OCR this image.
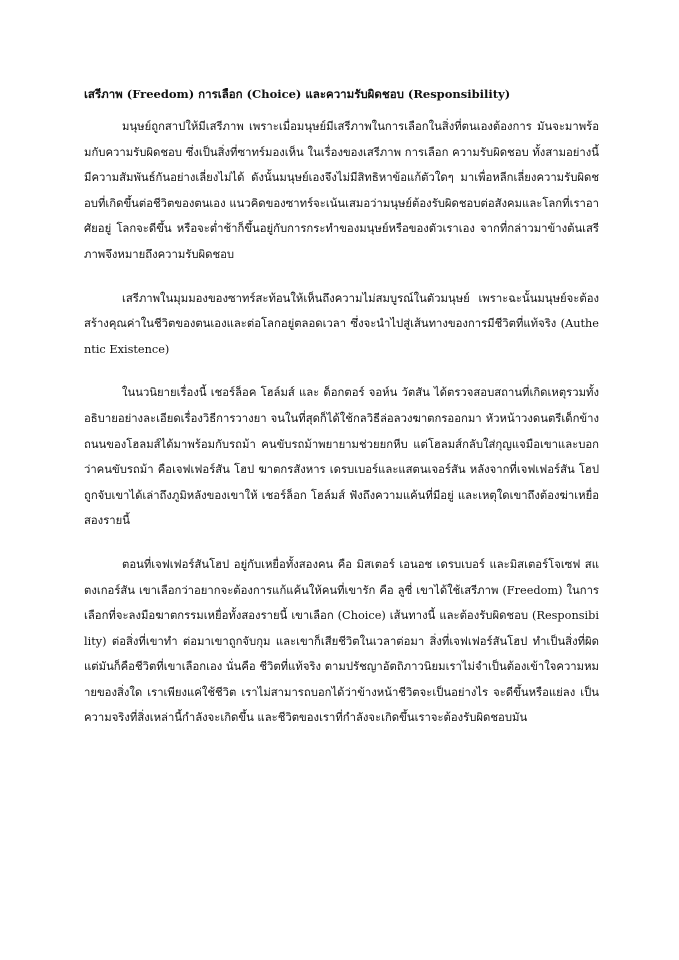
เสรีภาพ (Freedom) การเลือก (Choice) และความรับผิดชอบ (Responsibility)

มนุษย์ถูกสาปให้มีเสรีภาพ เพราะเมื่อมนุษย์มีเสรีภาพในการเลือกในสิ่งที่ตนเองต้องการ มันจะมาพร้อมกับความรับผิดชอบ ซึ่งเป็นสิ่งที่ซาทร์มองเห็น ในเรื่องของเสรีภาพ การเลือก ความรับผิดชอบ ทั้งสามอย่างนี้มีความสัมพันธ์กันอย่างเลี่ยงไม่ได้ ดังนั้นมนุษย์เองจึงไม่มีสิทธิหาข้อแก้ตัวใดๆ มาเพื่อหลีกเลี่ยงความรับผิดชอบที่เกิดขึ้นต่อชีวิตของตนเอง แนวคิดของซาทร์จะเน้นเสมอว่ามนุษย์ต้องรับผิดชอบต่อสังคมและโลกที่เราอาศัยอยู่ โลกจะดีขึ้น หรือจะต่ำช้าก็ขึ้นอยู่กับการกระทำของมนุษย์หรือของตัวเราเอง จากที่กล่าวมาข้างต้นเสรีภาพจึงหมายถึงความรับผิดชอบ

เสรีภาพในมุมมองของซาทร์สะท้อนให้เห็นถึงความไม่สมบูรณ์ในตัวมนุษย์ เพราะฉะนั้นมนุษย์จะต้องสร้างคุณค่าในชีวิตของตนเองและต่อโลกอยู่ตลอดเวลา ซึ่งจะนำไปสู่เส้นทางของการมีชีวิตที่แท้จริง (Authentic Existence)

ในนวนิยายเรื่องนี้ เชอร์ล็อค โฮล์มส์ และ ด็อกตอร์ จอห์น วัตสัน ได้ตรวจสอบสถานที่เกิดเหตุรวมทั้งอธิบายอย่างละเอียดเรื่องวิธีการวางยา จนในที่สุดก็ได้ใช้กลวิธีล่อลวงฆาตกรออกมา หัวหน้าวงดนตรีเด็กข้างถนนของโฮลมส์ได้มาพร้อมกับรถม้า คนขับรถม้าพยายามช่วยยกหีบ แต่โฮลมส์กลับใส่กุญแจมือเขาและบอกว่าคนขับรถม้า คือเจฟเฟอร์สัน โฮป ฆาตกรสังหาร เดรบเบอร์และแสตนเจอร์สัน หลังจากที่เจฟเฟอร์สัน โฮป ถูกจับเขาได้เล่าถึงภูมิหลังของเขาให้ เชอร์ล็อก โฮล์มส์ ฟังถึงความแค้นที่มีอยู่ และเหตุใดเขาถึงต้องฆ่าเหยื่อสองรายนี้

ตอนที่เจฟเฟอร์สันโฮป อยู่กับเหยื่อทั้งสองคน คือ มิสเตอร์ เอนอช เดรบเบอร์ และมิสเตอร์โจเซฟ สแตงเกอร์สัน เขาเลือกว่าอยากจะต้องการแก้แค้นให้คนที่เขารัก คือ ลูซี่ เขาได้ใช้เสรีภาพ (Freedom) ในการเลือกที่จะลงมือฆาตกรรมเหยื่อทั้งสองรายนี้ เขาเลือก (Choice) เส้นทางนี้ และต้องรับผิดชอบ (Responsibility) ต่อสิ่งที่เขาทำ ต่อมาเขาถูกจับกุม และเขาก็เสียชีวิตในเวลาต่อมา สิ่งที่เจฟเฟอร์สันโฮป ทำเป็นสิ่งที่ผิด แต่มันก็คือชีวิตที่เขาเลือกเอง นั่นคือ ชีวิตที่แท้จริง ตามปรัชญาอัตถิภาวนิยมเราไม่จำเป็นต้องเข้าใจความหมายของสิ่งใด เราเพียงแค่ใช้ชีวิต เราไม่สามารถบอกได้ว่าข้างหน้าชีวิตจะเป็นอย่างไร จะดีขึ้นหรือแย่ลง เป็นความจริงที่สิ่งเหล่านี้กำลังจะเกิดขึ้น และชีวิตของเราที่กำลังจะเกิดขึ้นเราจะต้องรับผิดชอบมัน
